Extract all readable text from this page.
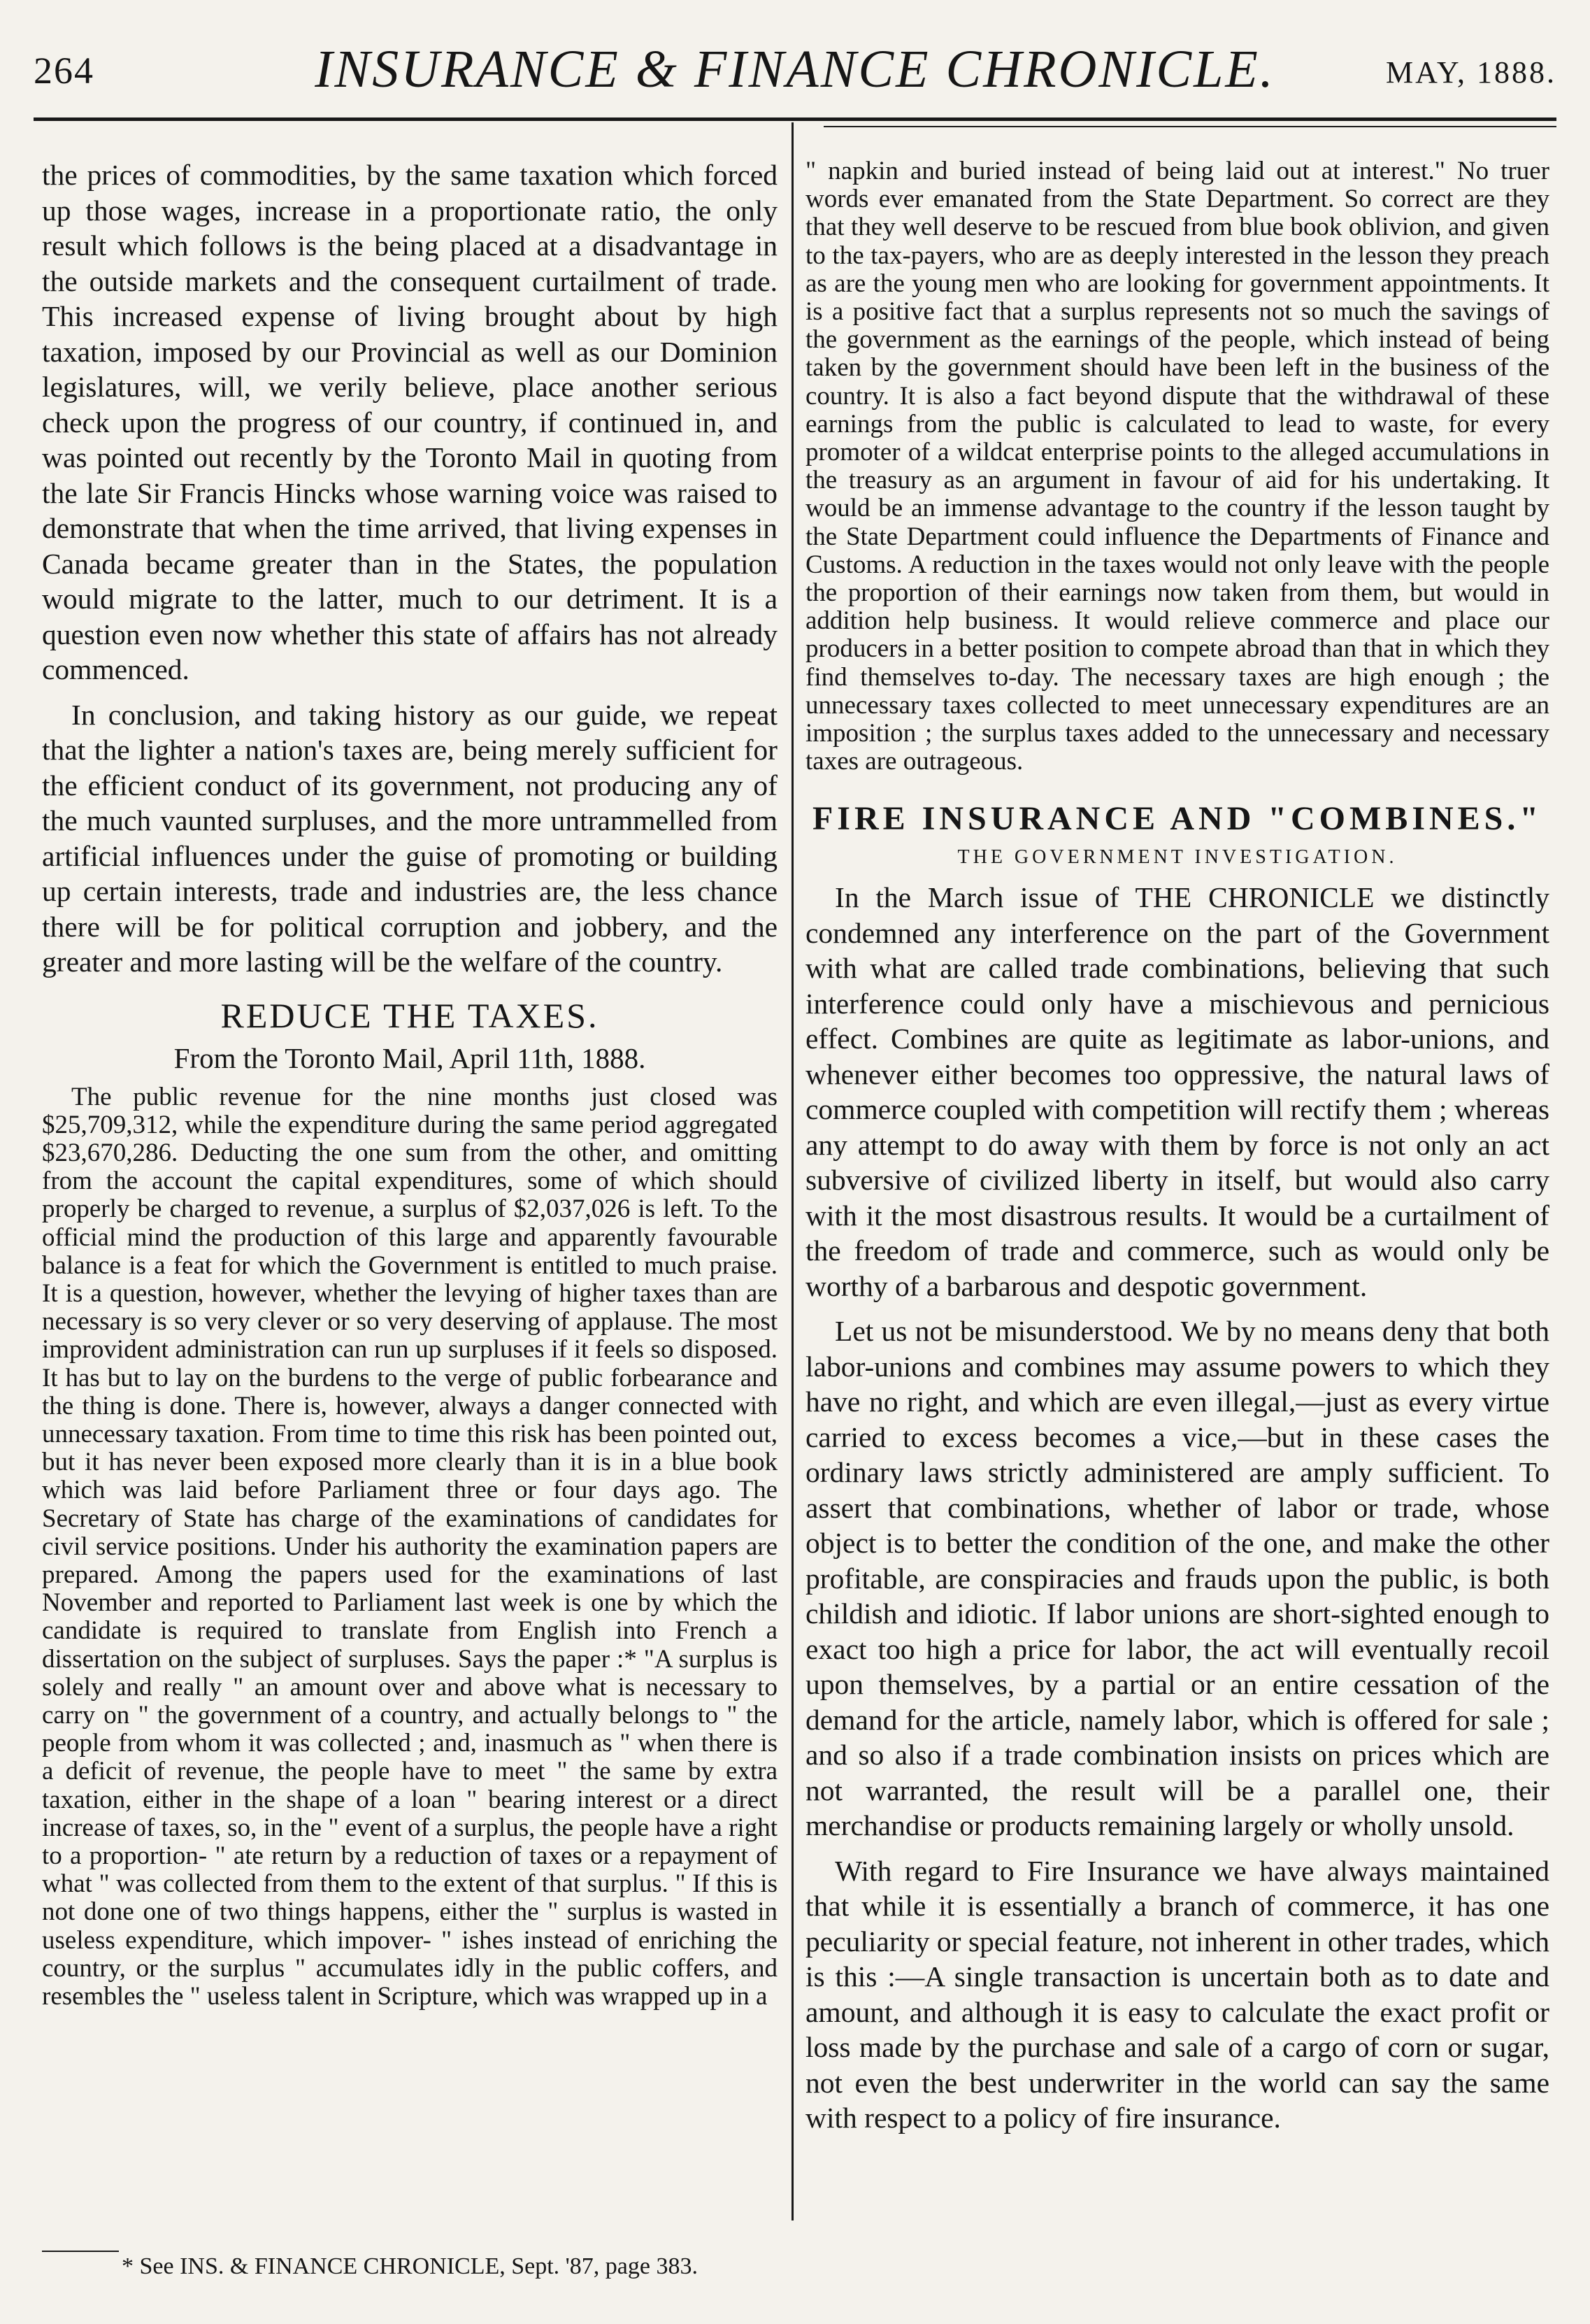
264	INSURANCE & FINANCE CHRONICLE.	MAY, 1888.

the prices of commodities, by the same taxation which forced up those wages, increase in a proportionate ratio, the only result which follows is the being placed at a disadvantage in the outside markets and the consequent curtailment of trade. This increased expense of living brought about by high taxation, imposed by our Provincial as well as our Dominion legislatures, will, we verily believe, place another serious check upon the progress of our country, if continued in, and was pointed out recently by the Toronto Mail in quoting from the late Sir Francis Hincks whose warning voice was raised to demonstrate that when the time arrived, that living expenses in Canada became greater than in the States, the population would migrate to the latter, much to our detriment. It is a question even now whether this state of affairs has not already commenced.

In conclusion, and taking history as our guide, we repeat that the lighter a nation's taxes are, being merely sufficient for the efficient conduct of its government, not producing any of the much vaunted surpluses, and the more untrammelled from artificial influences under the guise of promoting or building up certain interests, trade and industries are, the less chance there will be for political corruption and jobbery, and the greater and more lasting will be the welfare of the country.

REDUCE THE TAXES.
From the Toronto Mail, April 11th, 1888.

The public revenue for the nine months just closed was $25,709,312, while the expenditure during the same period aggregated $23,670,286. Deducting the one sum from the other, and omitting from the account the capital expenditures, some of which should properly be charged to revenue, a surplus of $2,037,026 is left. To the official mind the production of this large and apparently favourable balance is a feat for which the Government is entitled to much praise. It is a question, however, whether the levying of higher taxes than are necessary is so very clever or so very deserving of applause. The most improvident administration can run up surpluses if it feels so disposed. It has but to lay on the burdens to the verge of public forbearance and the thing is done. There is, however, always a danger connected with unnecessary taxation. From time to time this risk has been pointed out, but it has never been exposed more clearly than it is in a blue book which was laid before Parliament three or four days ago. The Secretary of State has charge of the examinations of candidates for civil service positions. Under his authority the examination papers are prepared. Among the papers used for the examinations of last November and reported to Parliament last week is one by which the candidate is required to translate from English into French a dissertation on the subject of surpluses. Says the paper :* "A surplus is solely and really " an amount over and above what is necessary to carry on " the government of a country, and actually belongs to " the people from whom it was collected ; and, inasmuch as " when there is a deficit of revenue, the people have to meet " the same by extra taxation, either in the shape of a loan " bearing interest or a direct increase of taxes, so, in the " event of a surplus, the people have a right to a proportion- " ate return by a reduction of taxes or a repayment of what " was collected from them to the extent of that surplus. " If this is not done one of two things happens, either the " surplus is wasted in useless expenditure, which impover- " ishes instead of enriching the country, or the surplus " accumulates idly in the public coffers, and resembles the " useless talent in Scripture, which was wrapped up in a

" napkin and buried instead of being laid out at interest." No truer words ever emanated from the State Department. So correct are they that they well deserve to be rescued from blue book oblivion, and given to the tax-payers, who are as deeply interested in the lesson they preach as are the young men who are looking for government appointments. It is a positive fact that a surplus represents not so much the savings of the government as the earnings of the people, which instead of being taken by the government should have been left in the business of the country. It is also a fact beyond dispute that the withdrawal of these earnings from the public is calculated to lead to waste, for every promoter of a wildcat enterprise points to the alleged accumulations in the treasury as an argument in favour of aid for his undertaking. It would be an immense advantage to the country if the lesson taught by the State Department could influence the Departments of Finance and Customs. A reduction in the taxes would not only leave with the people the proportion of their earnings now taken from them, but would in addition help business. It would relieve commerce and place our producers in a better position to compete abroad than that in which they find themselves to-day. The necessary taxes are high enough ; the unnecessary taxes collected to meet unnecessary expenditures are an imposition ; the surplus taxes added to the unnecessary and necessary taxes are outrageous.

FIRE INSURANCE AND "COMBINES."
THE GOVERNMENT INVESTIGATION.

In the March issue of THE CHRONICLE we distinctly condemned any interference on the part of the Government with what are called trade combinations, believing that such interference could only have a mischievous and pernicious effect. Combines are quite as legitimate as labor-unions, and whenever either becomes too oppressive, the natural laws of commerce coupled with competition will rectify them ; whereas any attempt to do away with them by force is not only an act subversive of civilized liberty in itself, but would also carry with it the most disastrous results. It would be a curtailment of the freedom of trade and commerce, such as would only be worthy of a barbarous and despotic government.

Let us not be misunderstood. We by no means deny that both labor-unions and combines may assume powers to which they have no right, and which are even illegal,—just as every virtue carried to excess becomes a vice,—but in these cases the ordinary laws strictly administered are amply sufficient. To assert that combinations, whether of labor or trade, whose object is to better the condition of the one, and make the other profitable, are conspiracies and frauds upon the public, is both childish and idiotic. If labor unions are short-sighted enough to exact too high a price for labor, the act will eventually recoil upon themselves, by a partial or an entire cessation of the demand for the article, namely labor, which is offered for sale ; and so also if a trade combination insists on prices which are not warranted, the result will be a parallel one, their merchandise or products remaining largely or wholly unsold.

With regard to Fire Insurance we have always maintained that while it is essentially a branch of commerce, it has one peculiarity or special feature, not inherent in other trades, which is this :—A single transaction is uncertain both as to date and amount, and although it is easy to calculate the exact profit or loss made by the purchase and sale of a cargo of corn or sugar, not even the best underwriter in the world can say the same with respect to a policy of fire insurance.

* See INS. & FINANCE CHRONICLE, Sept. '87, page 383.
